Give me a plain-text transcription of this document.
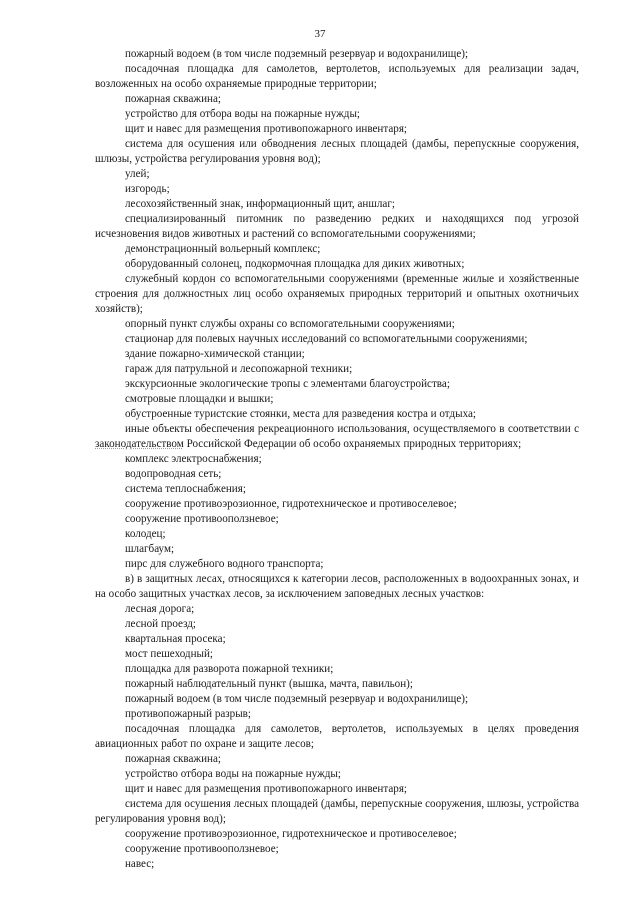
37

пожарный водоем (в том числе подземный резервуар и водохранилище);

посадочная площадка для самолетов, вертолетов, используемых для реализации задач, возложенных на особо охраняемые природные территории;

пожарная скважина;

устройство для отбора воды на пожарные нужды;

щит и навес для размещения противопожарного инвентаря;

система для осушения или обводнения лесных площадей (дамбы, перепускные сооружения, шлюзы, устройства регулирования уровня вод);

улей;

изгородь;

лесохозяйственный знак, информационный щит, аншлаг;

специализированный питомник по разведению редких и находящихся под угрозой исчезновения видов животных и растений со вспомогательными сооружениями;

демонстрационный вольерный комплекс;

оборудованный солонец, подкормочная площадка для диких животных;

служебный кордон со вспомогательными сооружениями (временные жилые и хозяйственные строения для должностных лиц особо охраняемых природных территорий и опытных охотничьих хозяйств);

опорный пункт службы охраны со вспомогательными сооружениями;

стационар для полевых научных исследований со вспомогательными сооружениями;

здание пожарно-химической станции;

гараж для патрульной и лесопожарной техники;

экскурсионные экологические тропы с элементами благоустройства;

смотровые площадки и вышки;

обустроенные туристские стоянки, места для разведения костра и отдыха;

иные объекты обеспечения рекреационного использования, осуществляемого в соответствии с законодательством Российской Федерации об особо охраняемых природных территориях;

комплекс электроснабжения;

водопроводная сеть;

система теплоснабжения;

сооружение противоэрозионное, гидротехническое и противоселевое;

сооружение противооползневое;

колодец;

шлагбаум;

пирс для служебного водного транспорта;

в) в защитных лесах, относящихся к категории лесов, расположенных в водоохранных зонах, и на особо защитных участках лесов, за исключением заповедных лесных участков:

лесная дорога;

лесной проезд;

квартальная просека;

мост пешеходный;

площадка для разворота пожарной техники;

пожарный наблюдательный пункт (вышка, мачта, павильон);

пожарный водоем (в том числе подземный резервуар и водохранилище);

противопожарный разрыв;

посадочная площадка для самолетов, вертолетов, используемых в целях проведения авиационных работ по охране и защите лесов;

пожарная скважина;

устройство отбора воды на пожарные нужды;

щит и навес для размещения противопожарного инвентаря;

система для осушения лесных площадей (дамбы, перепускные сооружения, шлюзы, устройства регулирования уровня вод);

сооружение противоэрозионное, гидротехническое и противоселевое;

сооружение противооползневое;

навес;
